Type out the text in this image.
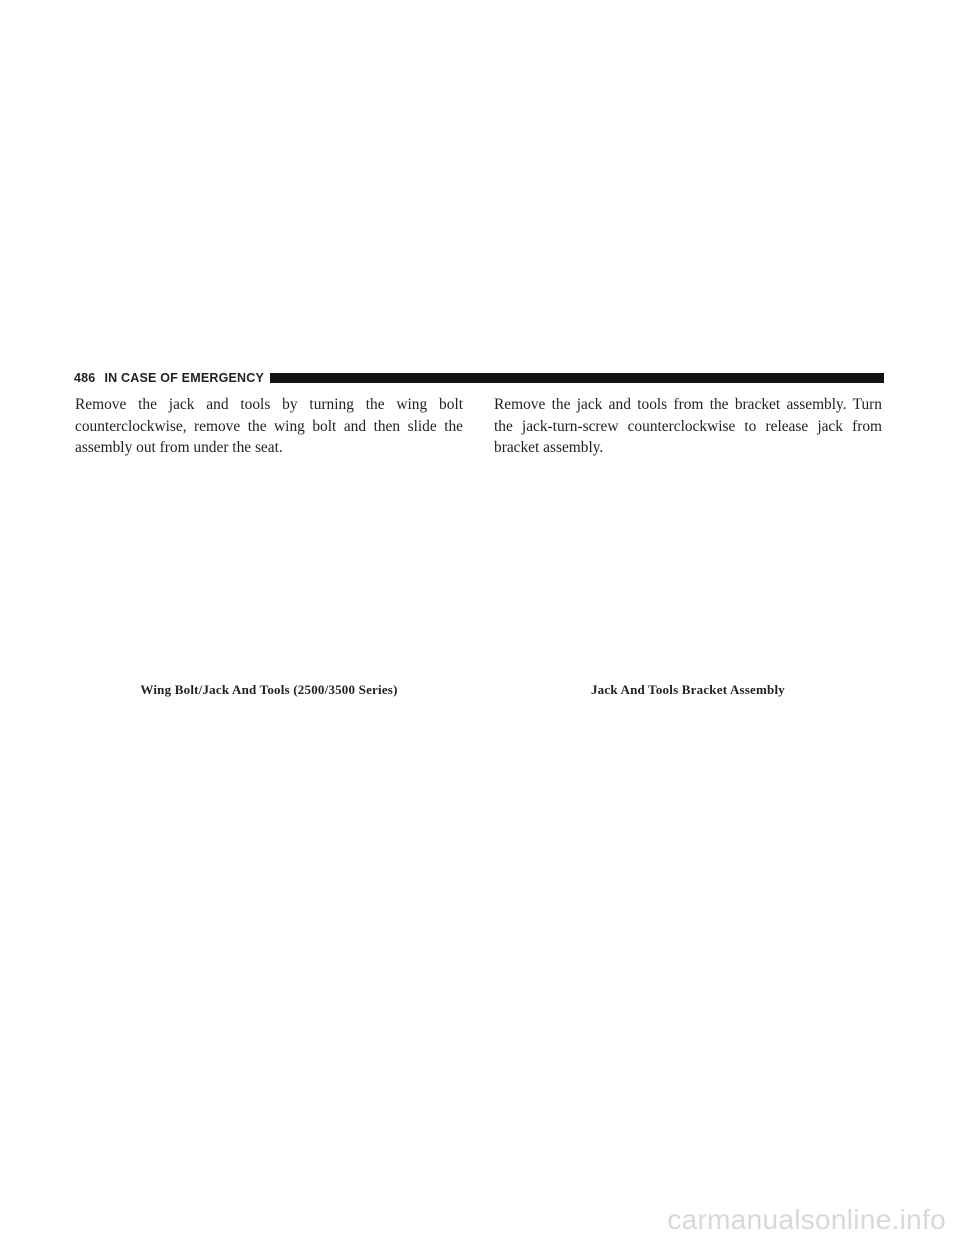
486 IN CASE OF EMERGENCY

Remove the jack and tools by turning the wing bolt counterclockwise, remove the wing bolt and then slide the assembly out from under the seat.

Remove the jack and tools from the bracket assembly. Turn the jack-turn-screw counterclockwise to release jack from bracket assembly.

Wing Bolt/Jack And Tools (2500/3500 Series)	Jack And Tools Bracket Assembly
carmanualsonline.info
